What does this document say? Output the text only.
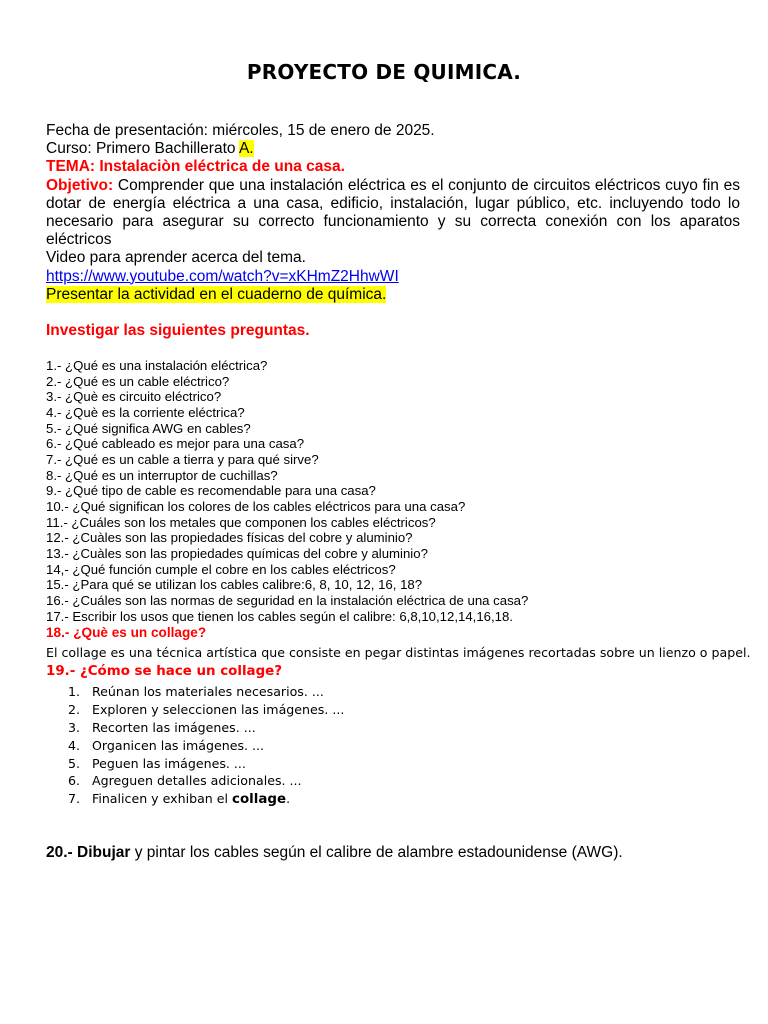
PROYECTO DE QUIMICA.
Fecha de presentación: miércoles, 15 de enero de 2025.
Curso: Primero Bachillerato A.
TEMA: Instalaciòn eléctrica de una casa.
Objetivo: Comprender que una instalación eléctrica es el conjunto de circuitos eléctricos cuyo fin es dotar de energía eléctrica a una casa, edificio, instalación, lugar público, etc. incluyendo todo lo necesario para asegurar su correcto funcionamiento y su correcta conexión con los aparatos eléctricos
Video para aprender acerca del tema.
https://www.youtube.com/watch?v=xKHmZ2HhwWI
Presentar la actividad en el cuaderno de química.
Investigar las siguientes preguntas.
1.- ¿Qué es una instalación eléctrica?
2.- ¿Qué es un cable eléctrico?
3.- ¿Què es circuito eléctrico?
4.- ¿Què es la corriente eléctrica?
5.- ¿Qué significa AWG en cables?
6.- ¿Qué cableado es mejor para una casa?
7.- ¿Qué es un cable a tierra y para qué sirve?
8.- ¿Qué es un interruptor de cuchillas?
9.- ¿Qué tipo de cable es recomendable para una casa?
10.- ¿Qué significan los colores de los cables eléctricos para una casa?
11.- ¿Cuáles son los metales que componen los cables eléctricos?
12.- ¿Cuàles son las propiedades físicas del cobre y aluminio?
13.- ¿Cuàles son las propiedades químicas del cobre y aluminio?
14,- ¿Qué función cumple el cobre en los cables eléctricos?
15.- ¿Para qué se utilizan los cables calibre:6, 8, 10, 12, 16, 18?
16.- ¿Cuáles son las normas de seguridad en la instalación eléctrica de una casa?
17.- Escribir los usos que tienen los cables según el calibre: 6,8,10,12,14,16,18.
18.- ¿Què es un collage?
El collage es una técnica artística que consiste en pegar distintas imágenes recortadas sobre un lienzo o papel.
19.- ¿Cómo se hace un collage?
1. Reúnan los materiales necesarios. ...
2. Exploren y seleccionen las imágenes. ...
3. Recorten las imágenes. ...
4. Organicen las imágenes. ...
5. Peguen las imágenes. ...
6. Agreguen detalles adicionales. ...
7. Finalicen y exhiban el collage.
20.- Dibujar y pintar los cables según el calibre de alambre estadounidense (AWG).
